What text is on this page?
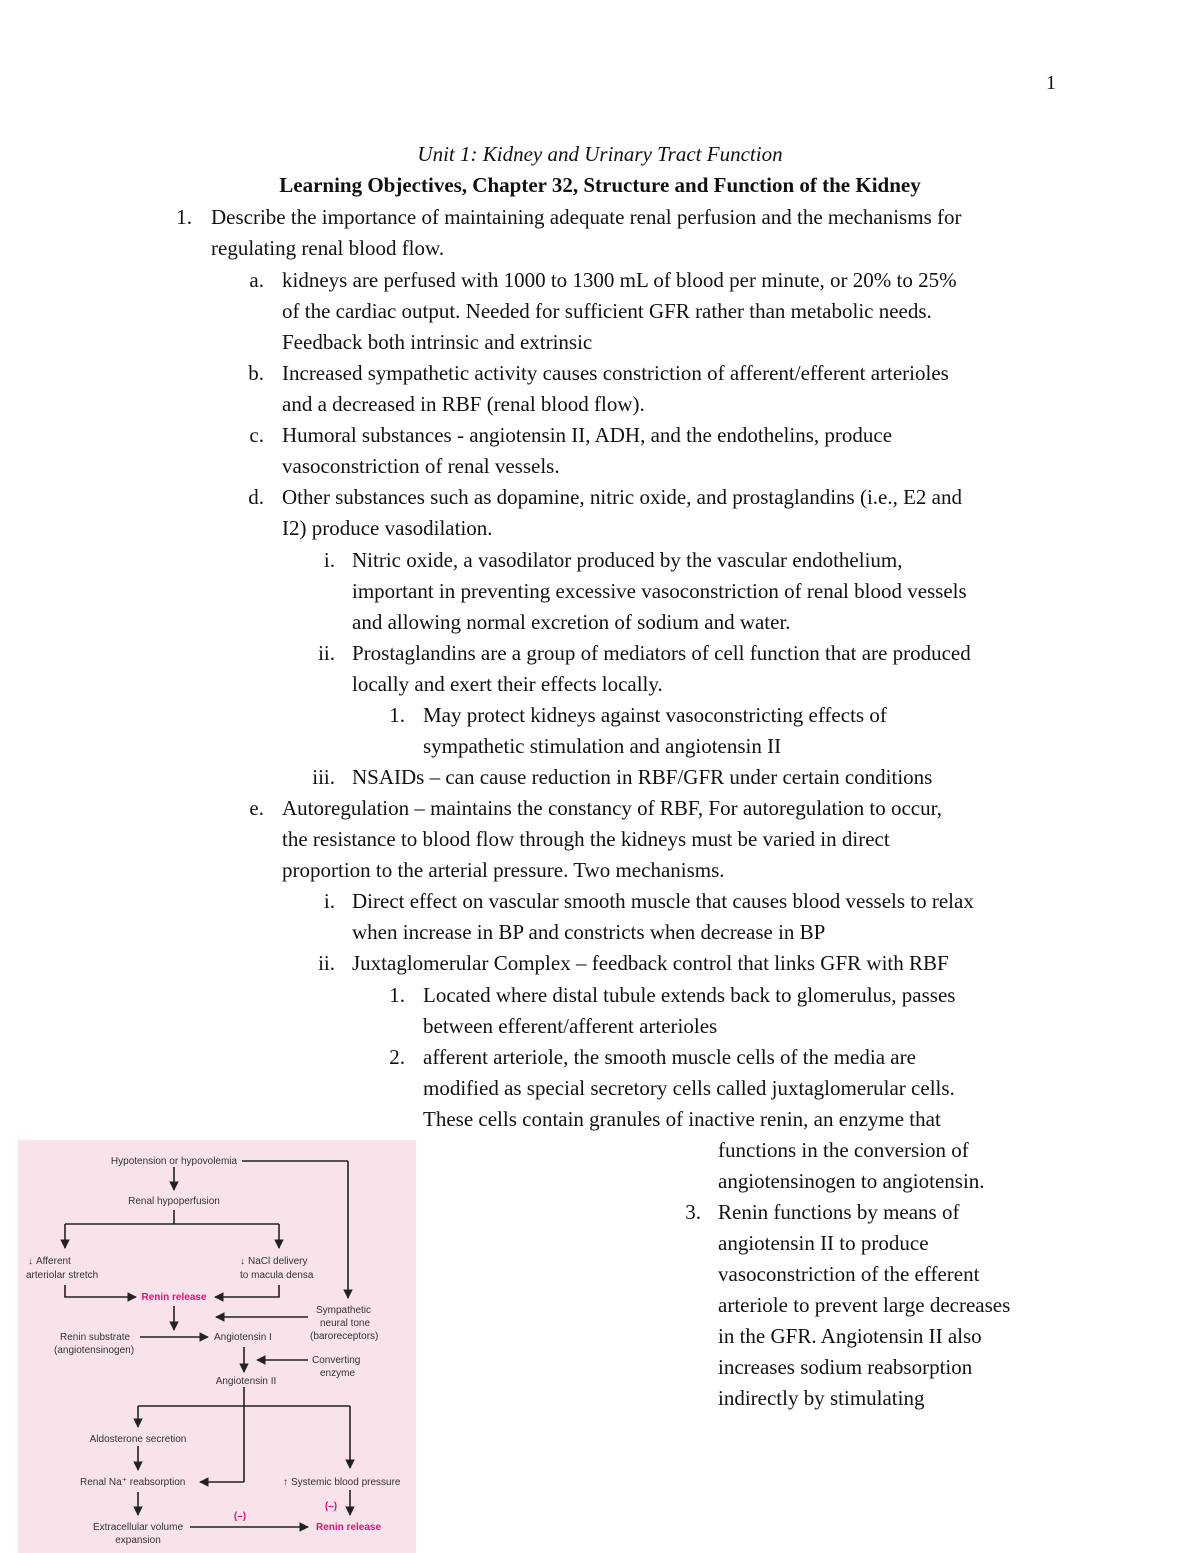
1
Unit 1: Kidney and Urinary Tract Function
Learning Objectives, Chapter 32, Structure and Function of the Kidney
1. Describe the importance of maintaining adequate renal perfusion and the mechanisms for
regulating renal blood flow.
a. kidneys are perfused with 1000 to 1300 mL of blood per minute, or 20% to 25%
of the cardiac output. Needed for sufficient GFR rather than metabolic needs.
Feedback both intrinsic and extrinsic
b. Increased sympathetic activity causes constriction of afferent/efferent arterioles
and a decreased in RBF (renal blood flow).
c. Humoral substances - angiotensin II, ADH, and the endothelins, produce
vasoconstriction of renal vessels.
d. Other substances such as dopamine, nitric oxide, and prostaglandins (i.e., E2 and
I2) produce vasodilation.
i. Nitric oxide, a vasodilator produced by the vascular endothelium,
important in preventing excessive vasoconstriction of renal blood vessels
and allowing normal excretion of sodium and water.
ii. Prostaglandins are a group of mediators of cell function that are produced
locally and exert their effects locally.
1. May protect kidneys against vasoconstricting effects of
sympathetic stimulation and angiotensin II
iii. NSAIDs – can cause reduction in RBF/GFR under certain conditions
e. Autoregulation – maintains the constancy of RBF, For autoregulation to occur,
the resistance to blood flow through the kidneys must be varied in direct
proportion to the arterial pressure. Two mechanisms.
i. Direct effect on vascular smooth muscle that causes blood vessels to relax
when increase in BP and constricts when decrease in BP
ii. Juxtaglomerular Complex – feedback control that links GFR with RBF
1. Located where distal tubule extends back to glomerulus, passes
between efferent/afferent arterioles
2. afferent arteriole, the smooth muscle cells of the media are
modified as special secretory cells called juxtaglomerular cells.
These cells contain granules of inactive renin, an enzyme that
functions in the conversion of
angiotensinogen to angiotensin.
3. Renin functions by means of
angiotensin II to produce
vasoconstriction of the efferent
arteriole to prevent large decreases
in the GFR. Angiotensin II also
increases sodium reabsorption
indirectly by stimulating
Hypotension or hypovolemia
Renal hypoperfusion
↓ Afferent
arteriolar stretch
↓ NaCl delivery
to macula densa
Renin release
Sympathetic
neural tone
(baroreceptors)
Renin substrate
(angiotensinogen)
Angiotensin I
Converting
enzyme
Angiotensin II
Aldosterone secretion
Renal Na⁺ reabsorption	↑ Systemic blood pressure
(–)
(–)
Extracellular volume
expansion
Renin release
